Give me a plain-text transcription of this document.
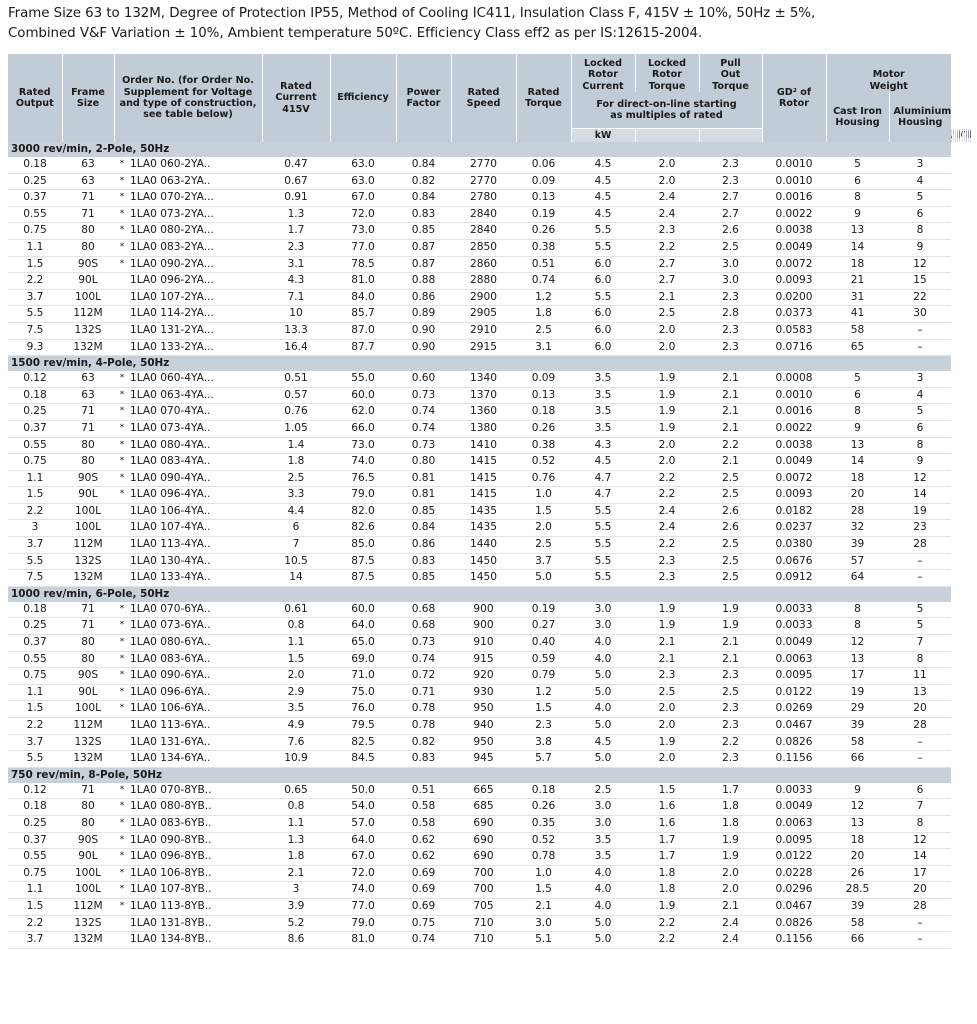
Frame Size 63 to 132M, Degree of Protection IP55, Method of Cooling IC411, Insulation Class F, 415V ± 10%, 50Hz ± 5%,
Combined V&F Variation ± 10%, Ambient temperature 50ºC. Efficiency Class eff2 as per IS:12615-2004.
Rated Output	Frame Size	Order No. (for Order No. Supplement for Voltage and type of construction, see table below)	Rated Current 415V	Efficiency	Power Factor	Rated Speed	Rated Torque	Locked Rotor Current	Locked Rotor Torque	Pull Out Torque	GD² of Rotor	Motor Weight										
								For direct-on-line starting as multiples of rated				Cast Iron Housing	Aluminium Housing									
								kW													
3000 rev/min, 2-Pole, 50Hz																						
0.18	63	* 1LA0 060-2YA..	0.47	63.0	0.84	2770	0.06	4.5	2.0	2.3	0.0010	5	3									
0.25	63	* 1LA0 063-2YA..	0.67	63.0	0.82	2770	0.09	4.5	2.0	2.3	0.0010	6	4									
0.37	71	* 1LA0 070-2YA...	0.91	67.0	0.84	2780	0.13	4.5	2.4	2.7	0.0016	8	5									
0.55	71	* 1LA0 073-2YA...	1.3	72.0	0.83	2840	0.19	4.5	2.4	2.7	0.0022	9	6									
0.75	80	* 1LA0 080-2YA...	1.7	73.0	0.85	2840	0.26	5.5	2.3	2.6	0.0038	13	8									
1.1	80	* 1LA0 083-2YA...	2.3	77.0	0.87	2850	0.38	5.5	2.2	2.5	0.0049	14	9									
1.5	90S	* 1LA0 090-2YA...	3.1	78.5	0.87	2860	0.51	6.0	2.7	3.0	0.0072	18	12									
2.2	90L	1LA0 096-2YA...	4.3	81.0	0.88	2880	0.74	6.0	2.7	3.0	0.0093	21	15									
3.7	100L	1LA0 107-2YA...	7.1	84.0	0.86	2900	1.2	5.5	2.1	2.3	0.0200	31	22									
5.5	112M	1LA0 114-2YA...	10	85.7	0.89	2905	1.8	6.0	2.5	2.8	0.0373	41	30									
7.5	132S	1LA0 131-2YA...	13.3	87.0	0.90	2910	2.5	6.0	2.0	2.3	0.0583	58	–									
9.3	132M	1LA0 133-2YA...	16.4	87.7	0.90	2915	3.1	6.0	2.0	2.3	0.0716	65	–									
1500 rev/min, 4-Pole, 50Hz																						
0.12	63	* 1LA0 060-4YA...	0.51	55.0	0.60	1340	0.09	3.5	1.9	2.1	0.0008	5	3									
0.18	63	* 1LA0 063-4YA...	0.57	60.0	0.73	1370	0.13	3.5	1.9	2.1	0.0010	6	4									
0.25	71	* 1LA0 070-4YA..	0.76	62.0	0.74	1360	0.18	3.5	1.9	2.1	0.0016	8	5									
0.37	71	* 1LA0 073-4YA..	1.05	66.0	0.74	1380	0.26	3.5	1.9	2.1	0.0022	9	6									
0.55	80	* 1LA0 080-4YA..	1.4	73.0	0.73	1410	0.38	4.3	2.0	2.2	0.0038	13	8									
0.75	80	* 1LA0 083-4YA..	1.8	74.0	0.80	1415	0.52	4.5	2.0	2.1	0.0049	14	9									
1.1	90S	* 1LA0 090-4YA..	2.5	76.5	0.81	1415	0.76	4.7	2.2	2.5	0.0072	18	12									
1.5	90L	* 1LA0 096-4YA..	3.3	79.0	0.81	1415	1.0	4.7	2.2	2.5	0.0093	20	14									
2.2	100L	1LA0 106-4YA..	4.4	82.0	0.85	1435	1.5	5.5	2.4	2.6	0.0182	28	19									
3	100L	1LA0 107-4YA..	6	82.6	0.84	1435	2.0	5.5	2.4	2.6	0.0237	32	23									
3.7	112M	1LA0 113-4YA..	7	85.0	0.86	1440	2.5	5.5	2.2	2.5	0.0380	39	28									
5.5	132S	1LA0 130-4YA..	10.5	87.5	0.83	1450	3.7	5.5	2.3	2.5	0.0676	57	–									
7.5	132M	1LA0 133-4YA..	14	87.5	0.85	1450	5.0	5.5	2.3	2.5	0.0912	64	–									
1000 rev/min, 6-Pole, 50Hz																						
0.18	71	* 1LA0 070-6YA..	0.61	60.0	0.68	900	0.19	3.0	1.9	1.9	0.0033	8	5									
0.25	71	* 1LA0 073-6YA..	0.8	64.0	0.68	900	0.27	3.0	1.9	1.9	0.0033	8	5									
0.37	80	* 1LA0 080-6YA..	1.1	65.0	0.73	910	0.40	4.0	2.1	2.1	0.0049	12	7									
0.55	80	* 1LA0 083-6YA..	1.5	69.0	0.74	915	0.59	4.0	2.1	2.1	0.0063	13	8									
0.75	90S	* 1LA0 090-6YA..	2.0	71.0	0.72	920	0.79	5.0	2.3	2.3	0.0095	17	11									
1.1	90L	* 1LA0 096-6YA..	2.9	75.0	0.71	930	1.2	5.0	2.5	2.5	0.0122	19	13									
1.5	100L	* 1LA0 106-6YA..	3.5	76.0	0.78	950	1.5	4.0	2.0	2.3	0.0269	29	20									
2.2	112M	1LA0 113-6YA..	4.9	79.5	0.78	940	2.3	5.0	2.0	2.3	0.0467	39	28									
3.7	132S	1LA0 131-6YA..	7.6	82.5	0.82	950	3.8	4.5	1.9	2.2	0.0826	58	–									
5.5	132M	1LA0 134-6YA..	10.9	84.5	0.83	945	5.7	5.0	2.0	2.3	0.1156	66	–									
750 rev/min, 8-Pole, 50Hz																						
0.12	71	* 1LA0 070-8YB..	0.65	50.0	0.51	665	0.18	2.5	1.5	1.7	0.0033	9	6									
0.18	80	* 1LA0 080-8YB..	0.8	54.0	0.58	685	0.26	3.0	1.6	1.8	0.0049	12	7									
0.25	80	* 1LA0 083-6YB..	1.1	57.0	0.58	690	0.35	3.0	1.6	1.8	0.0063	13	8									
0.37	90S	* 1LA0 090-8YB..	1.3	64.0	0.62	690	0.52	3.5	1.7	1.9	0.0095	18	12									
0.55	90L	* 1LA0 096-8YB..	1.8	67.0	0.62	690	0.78	3.5	1.7	1.9	0.0122	20	14									
0.75	100L	* 1LA0 106-8YB..	2.1	72.0	0.69	700	1.0	4.0	1.8	2.0	0.0228	26	17									
1.1	100L	* 1LA0 107-8YB..	3	74.0	0.69	700	1.5	4.0	1.8	2.0	0.0296	28.5	20									
1.5	112M	* 1LA0 113-8YB..	3.9	77.0	0.69	705	2.1	4.0	1.9	2.1	0.0467	39	28									
2.2	132S	1LA0 131-8YB..	5.2	79.0	0.75	710	3.0	5.0	2.2	2.4	0.0826	58	–									
3.7	132M	1LA0 134-8YB..	8.6	81.0	0.74	710	5.1	5.0	2.2	2.4	0.1156	66	–									
